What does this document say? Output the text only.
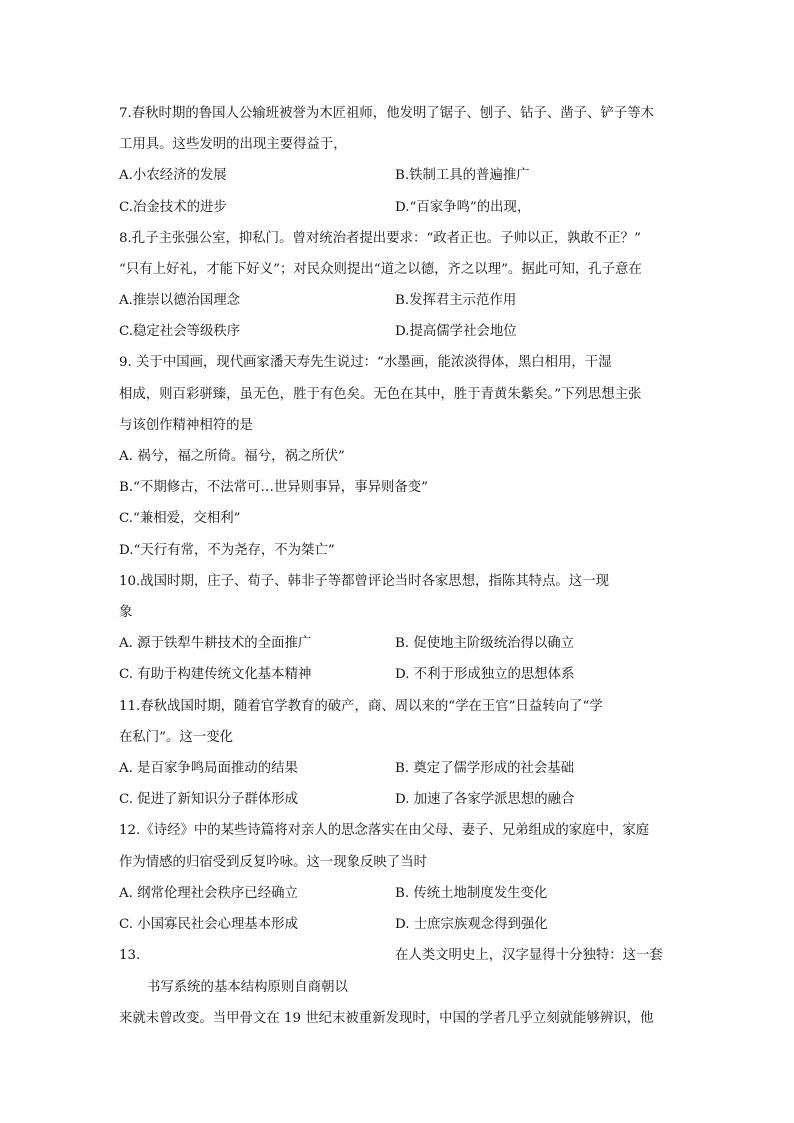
7.春秋时期的鲁国人公输班被誉为木匠祖师，他发明了锯子、刨子、钻子、凿子、铲子等木
工用具。这些发明的出现主要得益于，
A.小农经济的发展	B.铁制工具的普遍推广
C.冶金技术的进步	D.“百家争鸣”的出现，
8.孔子主张强公室，抑私门。曾对统治者提出要求：“政者正也。子帅以正，孰敢不正？”
“只有上好礼，才能下好义”；对民众则提出“道之以德，齐之以理”。据此可知，孔子意在
A.推崇以德治国理念	B.发挥君主示范作用
C.稳定社会等级秩序	D.提高儒学社会地位
9. 关于中国画，现代画家潘天寿先生说过：“水墨画，能浓淡得体，黑白相用，干湿
相成，则百彩骈臻，虽无色，胜于有色矣。无色在其中，胜于青黄朱紫矣。”下列思想主张
与该创作精神相符的是
A. 祸兮，福之所倚。福兮，祸之所伏”
B.“不期修古，不法常可…世异则事异，事异则备变”
C.“兼相爱，交相利”
D.“天行有常，不为尧存，不为桀亡”
10.战国时期，庄子、荀子、韩非子等都曾评论当时各家思想，指陈其特点。这一现
象
A. 源于铁犁牛耕技术的全面推广	B. 促使地主阶级统治得以确立
C. 有助于构建传统文化基本精神	D. 不利于形成独立的思想体系
11.春秋战国时期，随着官学教育的破产，商、周以来的“学在王官”日益转向了“学
在私门”。这一变化
A. 是百家争鸣局面推动的结果	B. 奠定了儒学形成的社会基础
C. 促进了新知识分子群体形成	D. 加速了各家学派思想的融合
12.《诗经》中的某些诗篇将对亲人的思念落实在由父母、妻子、兄弟组成的家庭中，家庭
作为情感的归宿受到反复吟咏。这一现象反映了当时
A. 纲常伦理社会秩序已经确立	B. 传统土地制度发生变化
C. 小国寡民社会心理基本形成	D. 士庶宗族观念得到强化
13.	在人类文明史上，汉字显得十分独特：这一套
书写系统的基本结构原则自商朝以
来就未曾改变。当甲骨文在 19 世纪末被重新发现时，中国的学者几乎立刻就能够辨识，他
